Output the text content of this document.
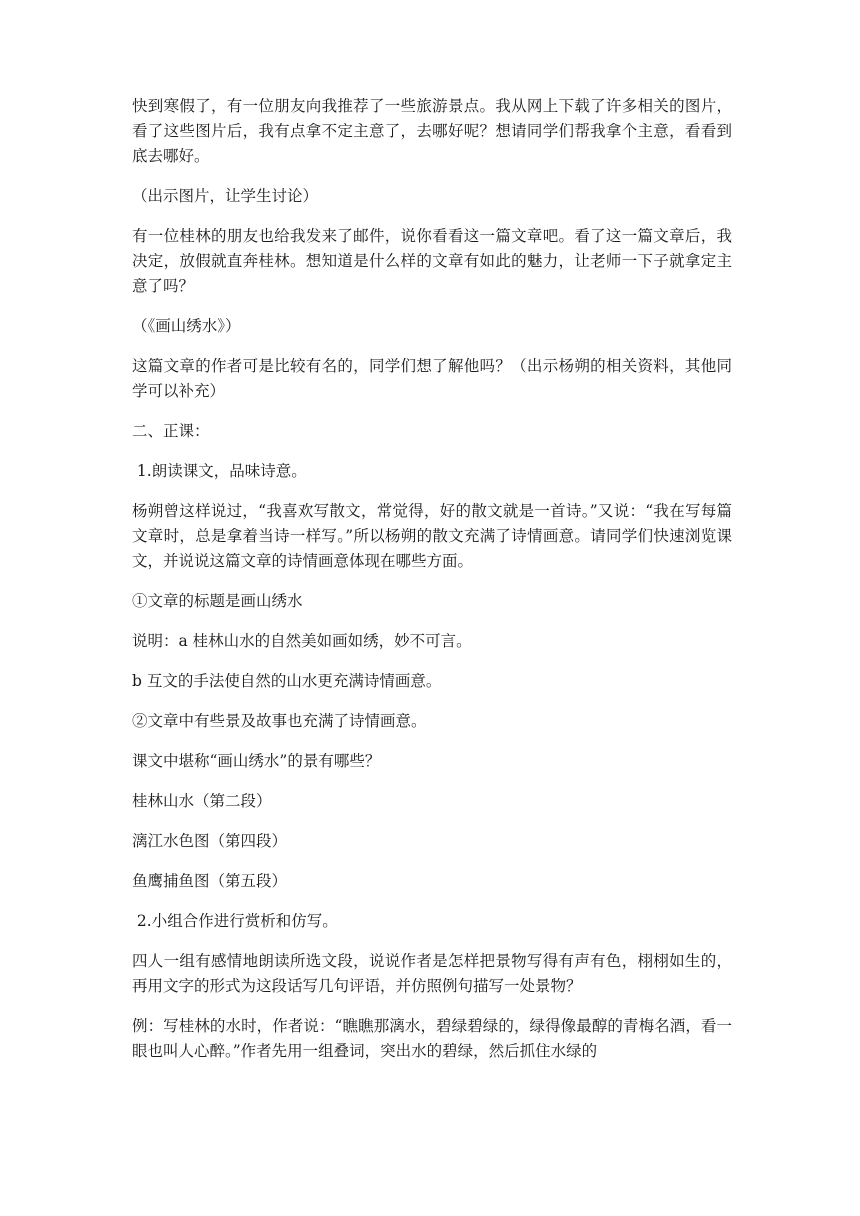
快到寒假了，有一位朋友向我推荐了一些旅游景点。我从网上下载了许多相关的图片，看了这些图片后，我有点拿不定主意了，去哪好呢？想请同学们帮我拿个主意，看看到底去哪好。

（出示图片，让学生讨论）

有一位桂林的朋友也给我发来了邮件，说你看看这一篇文章吧。看了这一篇文章后，我决定，放假就直奔桂林。想知道是什么样的文章有如此的魅力，让老师一下子就拿定主意了吗？

（《画山绣水》）

这篇文章的作者可是比较有名的，同学们想了解他吗？（出示杨朔的相关资料，其他同学可以补充）

二、正课：

1.朗读课文，品味诗意。

杨朔曾这样说过，“我喜欢写散文，常觉得，好的散文就是一首诗。”又说：“我在写每篇文章时，总是拿着当诗一样写。”所以杨朔的散文充满了诗情画意。请同学们快速浏览课文，并说说这篇文章的诗情画意体现在哪些方面。

①文章的标题是画山绣水

说明：a 桂林山水的自然美如画如绣，妙不可言。

b 互文的手法使自然的山水更充满诗情画意。

②文章中有些景及故事也充满了诗情画意。

课文中堪称“画山绣水”的景有哪些？

桂林山水（第二段）

漓江水色图（第四段）

鱼鹰捕鱼图（第五段）

2.小组合作进行赏析和仿写。

四人一组有感情地朗读所选文段，说说作者是怎样把景物写得有声有色，栩栩如生的，再用文字的形式为这段话写几句评语，并仿照例句描写一处景物？

例：写桂林的水时，作者说：“瞧瞧那漓水，碧绿碧绿的，绿得像最醇的青梅名酒，看一眼也叫人心醉。”作者先用一组叠词，突出水的碧绿，然后抓住水绿的
